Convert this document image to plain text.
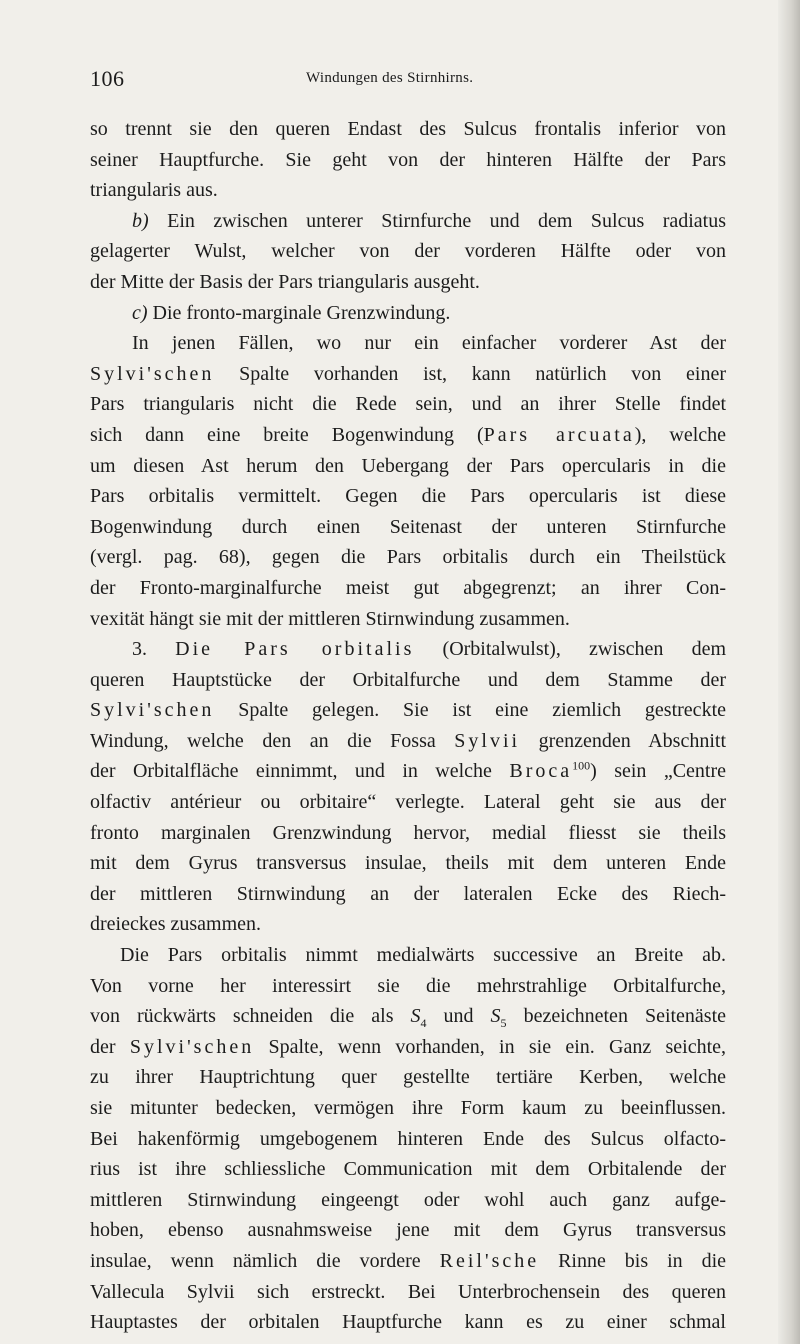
106	Windungen des Stirnhirns.
so trennt sie den queren Endast des Sulcus frontalis inferior von
seiner Hauptfurche. Sie geht von der hinteren Hälfte der Pars
triangularis aus.
b) Ein zwischen unterer Stirnfurche und dem Sulcus radiatus
gelagerter Wulst, welcher von der vorderen Hälfte oder von
der Mitte der Basis der Pars triangularis ausgeht.
c) Die fronto-marginale Grenzwindung.
In jenen Fällen, wo nur ein einfacher vorderer Ast der
Sylvi'schen Spalte vorhanden ist, kann natürlich von einer
Pars triangularis nicht die Rede sein, und an ihrer Stelle findet
sich dann eine breite Bogenwindung (Pars arcuata), welche
um diesen Ast herum den Uebergang der Pars opercularis in die
Pars orbitalis vermittelt. Gegen die Pars opercularis ist diese
Bogenwindung durch einen Seitenast der unteren Stirnfurche
(vergl. pag. 68), gegen die Pars orbitalis durch ein Theilstück
der Fronto-marginalfurche meist gut abgegrenzt; an ihrer Con-
vexität hängt sie mit der mittleren Stirnwindung zusammen.
3. Die Pars orbitalis (Orbitalwulst), zwischen dem
queren Hauptstücke der Orbitalfurche und dem Stamme der
Sylvi'schen Spalte gelegen. Sie ist eine ziemlich gestreckte
Windung, welche den an die Fossa Sylvii grenzenden Abschnitt
der Orbitalfläche einnimmt, und in welche Broca$^{100}$) sein „Centre
olfactiv antérieur ou orbitaire“ verlegte. Lateral geht sie aus der
fronto marginalen Grenzwindung hervor, medial fliesst sie theils
mit dem Gyrus transversus insulae, theils mit dem unteren Ende
der mittleren Stirnwindung an der lateralen Ecke des Riech-
dreieckes zusammen.
Die Pars orbitalis nimmt medialwärts successive an Breite ab.
Von vorne her interessirt sie die mehrstrahlige Orbitalfurche,
von rückwärts schneiden die als $S_4$ und $S_5$ bezeichneten Seitenäste
der Sylvi'schen Spalte, wenn vorhanden, in sie ein. Ganz seichte,
zu ihrer Hauptrichtung quer gestellte tertiäre Kerben, welche
sie mitunter bedecken, vermögen ihre Form kaum zu beeinflussen.
Bei hakenförmig umgebogenem hinteren Ende des Sulcus olfacto-
rius ist ihre schliessliche Communication mit dem Orbitalende der
mittleren Stirnwindung eingeengt oder wohl auch ganz aufge-
hoben, ebenso ausnahmsweise jene mit dem Gyrus transversus
insulae, wenn nämlich die vordere Reil'sche Rinne bis in die
Vallecula Sylvii sich erstreckt. Bei Unterbrochensein des queren
Hauptastes der orbitalen Hauptfurche kann es zu einer schmal
